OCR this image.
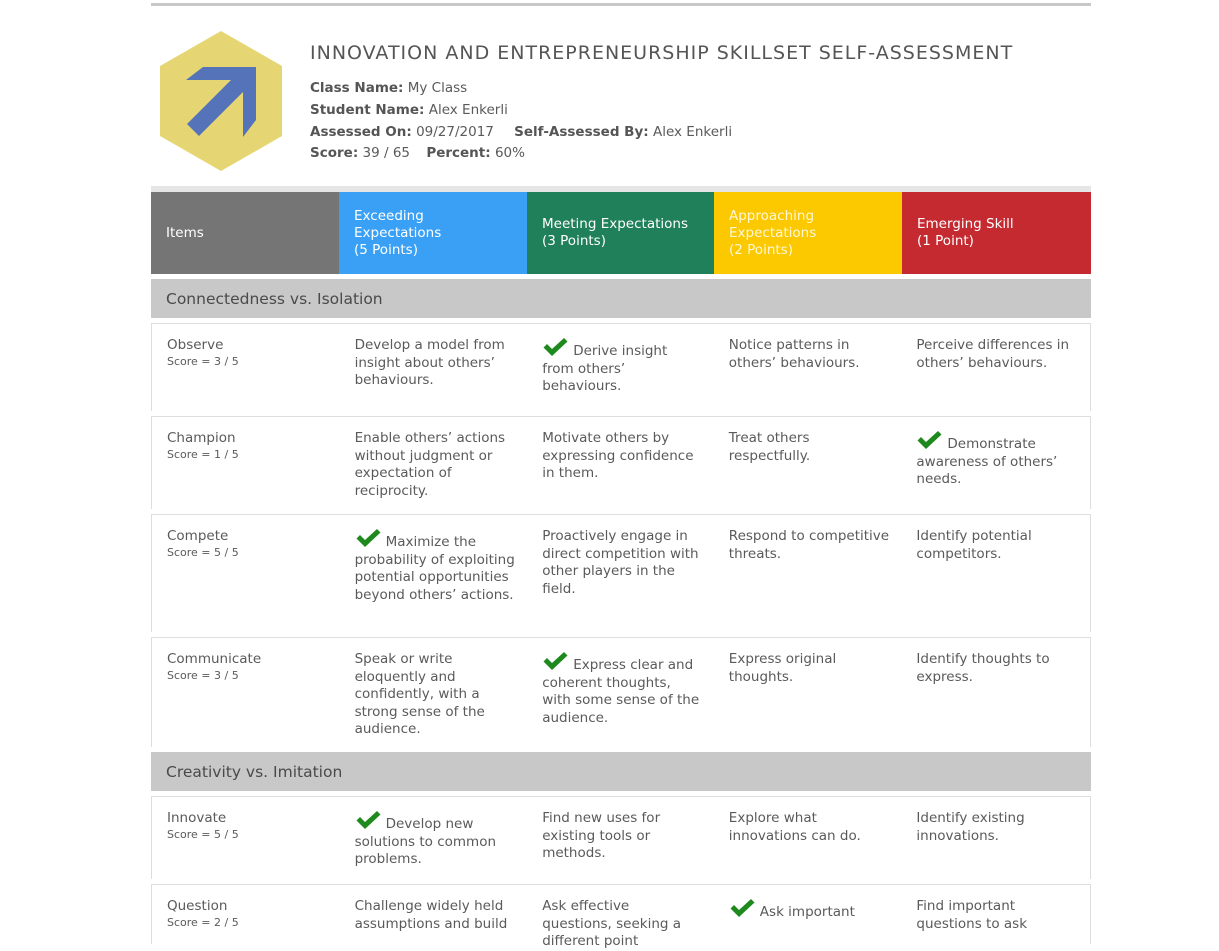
INNOVATION AND ENTREPRENEURSHIP SKILLSET SELF-ASSESSMENT
Class Name: My Class
Student Name: Alex Enkerli
Assessed On: 09/27/2017 Self-Assessed By: Alex Enkerli
Score: 39 / 65 Percent: 60%
Items
Exceeding Expectations
(5 Points)
Meeting Expectations
(3 Points)
Approaching Expectations
(2 Points)
Emerging Skill
(1 Point)
Connectedness vs. Isolation
Observe
Score = 3 / 5
Develop a model from insight about others’ behaviours.
Derive insight from others’ behaviours.
Notice patterns in others’ behaviours.
Perceive differences in others’ behaviours.
Champion
Score = 1 / 5
Enable others’ actions without judgment or expectation of reciprocity.
Motivate others by expressing confidence in them.
Treat others respectfully.
Demonstrate awareness of others’ needs.
Compete
Score = 5 / 5
Maximize the probability of exploiting potential opportunities beyond others’ actions.
Proactively engage in direct competition with other players in the field.
Respond to competitive threats.
Identify potential competitors.
Communicate
Score = 3 / 5
Speak or write eloquently and confidently, with a strong sense of the audience.
Express clear and coherent thoughts, with some sense of the audience.
Express original thoughts.
Identify thoughts to express.
Creativity vs. Imitation
Innovate
Score = 5 / 5
Develop new solutions to common problems.
Find new uses for existing tools or methods.
Explore what innovations can do.
Identify existing innovations.
Question
Score = 2 / 5
Challenge widely held assumptions and build
Ask effective questions, seeking a different point
Ask important	Find important questions to ask
